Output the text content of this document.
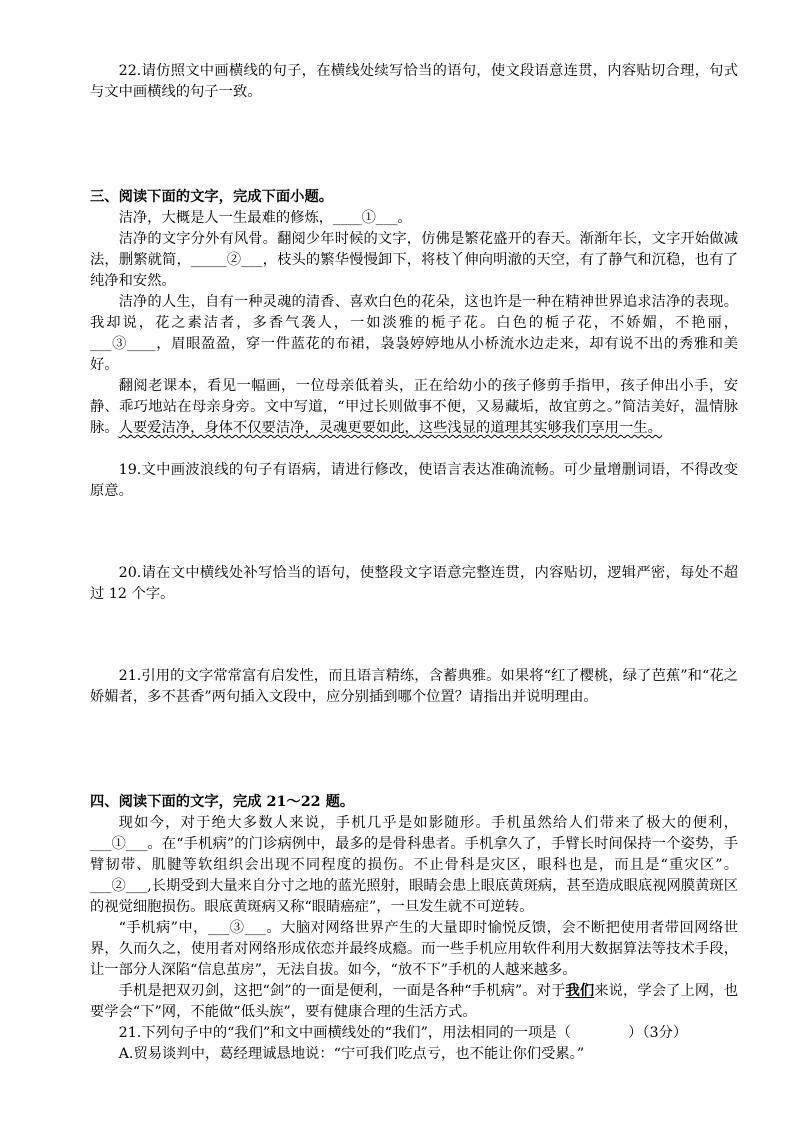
22.请仿照文中画横线的句子，在横线处续写恰当的语句，使文段语意连贯，内容贴切合理，句式与文中画横线的句子一致。

三、阅读下面的文字，完成下面小题。

洁净，大概是人一生最难的修炼，____①___。

洁净的文字分外有风骨。翻阅少年时候的文字，仿佛是繁花盛开的春天。渐渐年长，文字开始做减法，删繁就简，_____②___，枝头的繁华慢慢卸下，将枝丫伸向明澈的天空，有了静气和沉稳，也有了纯净和安然。

洁净的人生，自有一种灵魂的清香、喜欢白色的花朵，这也许是一种在精神世界追求洁净的表现。我却说，花之素洁者，多香气袭人，一如淡雅的栀子花。白色的栀子花，不娇媚，不艳丽，___③____，眉眼盈盈，穿一件蓝花的布裙，袅袅婷婷地从小桥流水边走来，却有说不出的秀雅和美好。

翻阅老课本，看见一幅画，一位母亲低着头，正在给幼小的孩子修剪手指甲，孩子伸出小手，安静、乖巧地站在母亲身旁。文中写道，“甲过长则做事不便，又易藏垢，故宜剪之。”简洁美好，温情脉脉。人要爱洁净，身体不仅要洁净，灵魂更要如此，这些浅显的道理其实够我们享用一生。

19.文中画波浪线的句子有语病，请进行修改，使语言表达准确流畅。可少量增删词语，不得改变原意。

20.请在文中横线处补写恰当的语句，使整段文字语意完整连贯，内容贴切，逻辑严密，每处不超过 12 个字。

21.引用的文字常常富有启发性，而且语言精练，含蓄典雅。如果将“红了樱桃，绿了芭蕉”和“花之娇媚者，多不甚香”两句插入文段中，应分别插到哪个位置？请指出并说明理由。

四、阅读下面的文字，完成 21～22 题。

现如今，对于绝大多数人来说，手机几乎是如影随形。手机虽然给人们带来了极大的便利，___①___。在“手机病”的门诊病例中，最多的是骨科患者。手机拿久了，手臂长时间保持一个姿势，手臂韧带、肌腱等软组织会出现不同程度的损伤。不止骨科是灾区，眼科也是，而且是“重灾区”。___②___,长期受到大量来自分寸之地的蓝光照射，眼睛会患上眼底黄斑病，甚至造成眼底视网膜黄斑区的视觉细胞损伤。眼底黄斑病又称“眼睛癌症”，一旦发生就不可逆转。

“手机病”中，___③___。大脑对网络世界产生的大量即时愉悦反馈，会不断把使用者带回网络世界，久而久之，使用者对网络形成依恋并最终成瘾。而一些手机应用软件利用大数据算法等技术手段，让一部分人深陷“信息茧房”，无法自拔。如今，“放不下”手机的人越来越多。

手机是把双刃剑，这把“剑”的一面是便利，一面是各种“手机病”。对于我们来说，学会了上网，也要学会“下”网，不能做“低头族”，要有健康合理的生活方式。

21.下列句子中的“我们”和文中画横线处的“我们”，用法相同的一项是（　　　　）（3分）

A.贸易谈判中，葛经理诚恳地说：“宁可我们吃点亏，也不能让你们受累。”
